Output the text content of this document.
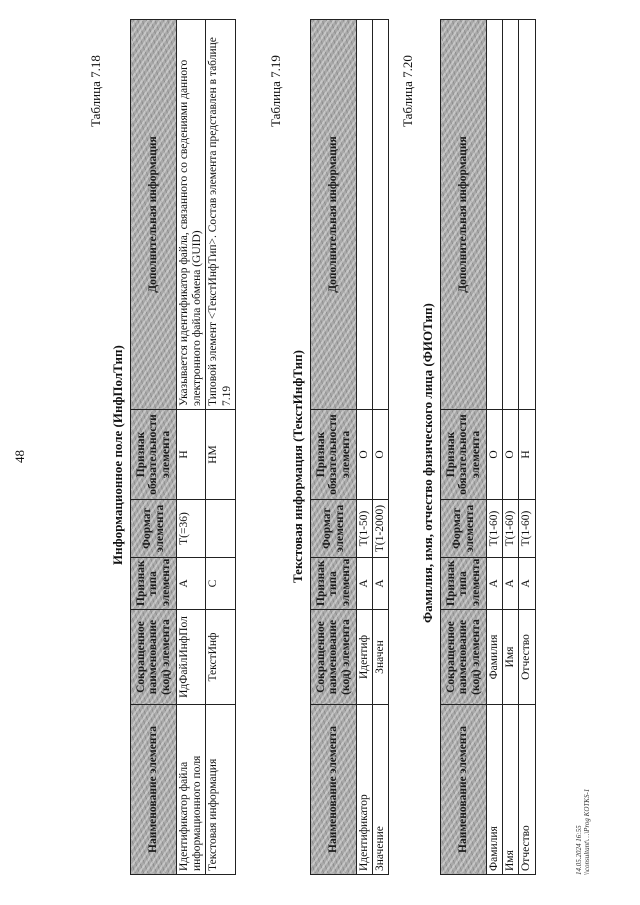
48
Таблица 7.18
Информационное поле (ИнфПолТип)
Наименование элемента	Сокращенное наименование (код) элемента	Признак типа элемента	Формат элемента	Признак обязательности элемента	Дополнительная информация
Идентификатор файла информационного поля	ИдФайлИнфПол	А	T(=36)	Н	Указывается идентификатор файла, связанного со сведениями данного электронного файла обмена (GUID)
Текстовая информация	ТекстИнф	С		НМ	Типовой элемент <ТекстИнфТип>. Состав элемента представлен в таблице 7.19
Таблица 7.19
Текстовая информация (ТекстИнфТип)
Наименование элемента	Сокращенное наименование (код) элемента	Признак типа элемента	Формат элемента	Признак обязательности элемента	Дополнительная информация
Идентификатор	Идентиф	А	T(1-50)	О	
Значение	Значен	А	T(1-2000)	О	
Таблица 7.20
Фамилия, имя, отчество физического лица (ФИОТип)
Наименование элемента	Сокращенное наименование (код) элемента	Признак типа элемента	Формат элемента	Признак обязательности элемента	Дополнительная информация
Фамилия	Фамилия	А	T(1-60)	О	
Имя	Имя	А	T(1-60)	О	
Отчество	Отчество	А	T(1-60)	Н	
14.05.2024 16:55 \\consultant\…\Prog KOTKS-1
